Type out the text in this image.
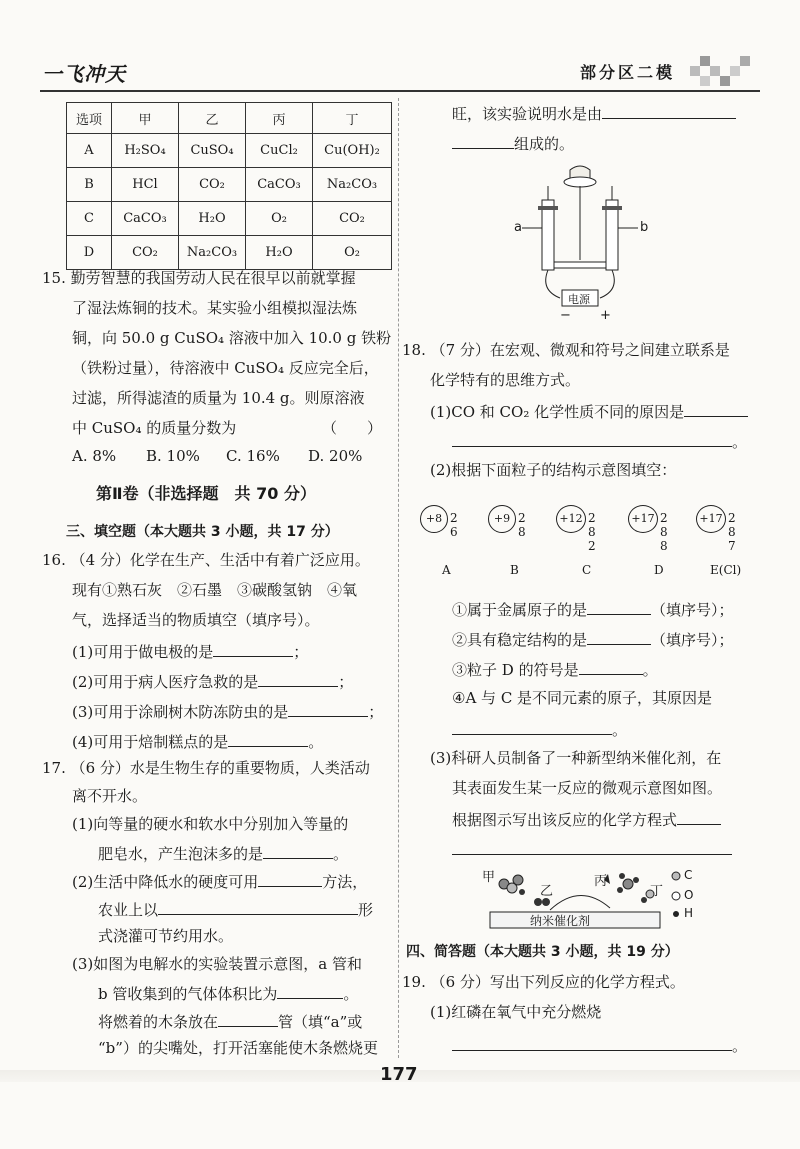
一飞冲天	部分区二模
选项	甲	乙	丙	丁
A	H₂SO₄	CuSO₄	CuCl₂	Cu(OH)₂
B	HCl	CO₂	CaCO₃	Na₂CO₃
C	CaCO₃	H₂O	O₂	CO₂
D	CO₂	Na₂CO₃	H₂O	O₂
15. 勤劳智慧的我国劳动人民在很早以前就掌握
了湿法炼铜的技术。某实验小组模拟湿法炼
铜，向 50.0 g CuSO₄ 溶液中加入 10.0 g 铁粉
（铁粉过量），待溶液中 CuSO₄ 反应完全后，
过滤，所得滤渣的质量为 10.4 g。则原溶液
中 CuSO₄ 的质量分数为	（　　）
A. 8% B. 10% C. 16% D. 20%
第Ⅱ卷（非选择题　共 70 分）
三、填空题（本大题共 3 小题，共 17 分）
16. （4 分）化学在生产、生活中有着广泛应用。
现有①熟石灰　②石墨　③碳酸氢钠　④氧
气，选择适当的物质填空（填序号）。
(1)可用于做电极的是	；
(2)可用于病人医疗急救的是	；
(3)可用于涂刷树木防冻防虫的是	；
(4)可用于焙制糕点的是	。
17. （6 分）水是生物生存的重要物质，人类活动
离不开水。
(1)向等量的硬水和软水中分别加入等量的
肥皂水，产生泡沫多的是	。
(2)生活中降低水的硬度可用	方法，
农业上以	形
式浇灌可节约用水。
(3)如图为电解水的实验装置示意图，a 管和
b 管收集到的气体体积比为	。
将燃着的木条放在	管（填“a”或
“b”）的尖嘴处，打开活塞能使木条燃烧更
旺，该实验说明水是由
组成的。
a	b
电源
− +
18. （7 分）在宏观、微观和符号之间建立联系是
化学特有的思维方式。
(1)CO 和 CO₂ 化学性质不同的原因是
。
(2)根据下面粒子的结构示意图填空：
+8 2 6
A
+9 2 8
B
+12 2 8 2
C
+17 2 8 8
D
+17 2 8 7
E(Cl)
①属于金属原子的是	（填序号）；
②具有稳定结构的是	（填序号）；
③粒子 D 的符号是	。
④A 与 C 是不同元素的原子，其原因是
。
(3)科研人员制备了一种新型纳米催化剂，在
其表面发生某一反应的微观示意图如图。
根据图示写出该反应的化学方程式
甲
乙
丙
丁
纳米催化剂
C
O
H
四、简答题（本大题共 3 小题，共 19 分）
19. （6 分）写出下列反应的化学方程式。
(1)红磷在氧气中充分燃烧
。
177
